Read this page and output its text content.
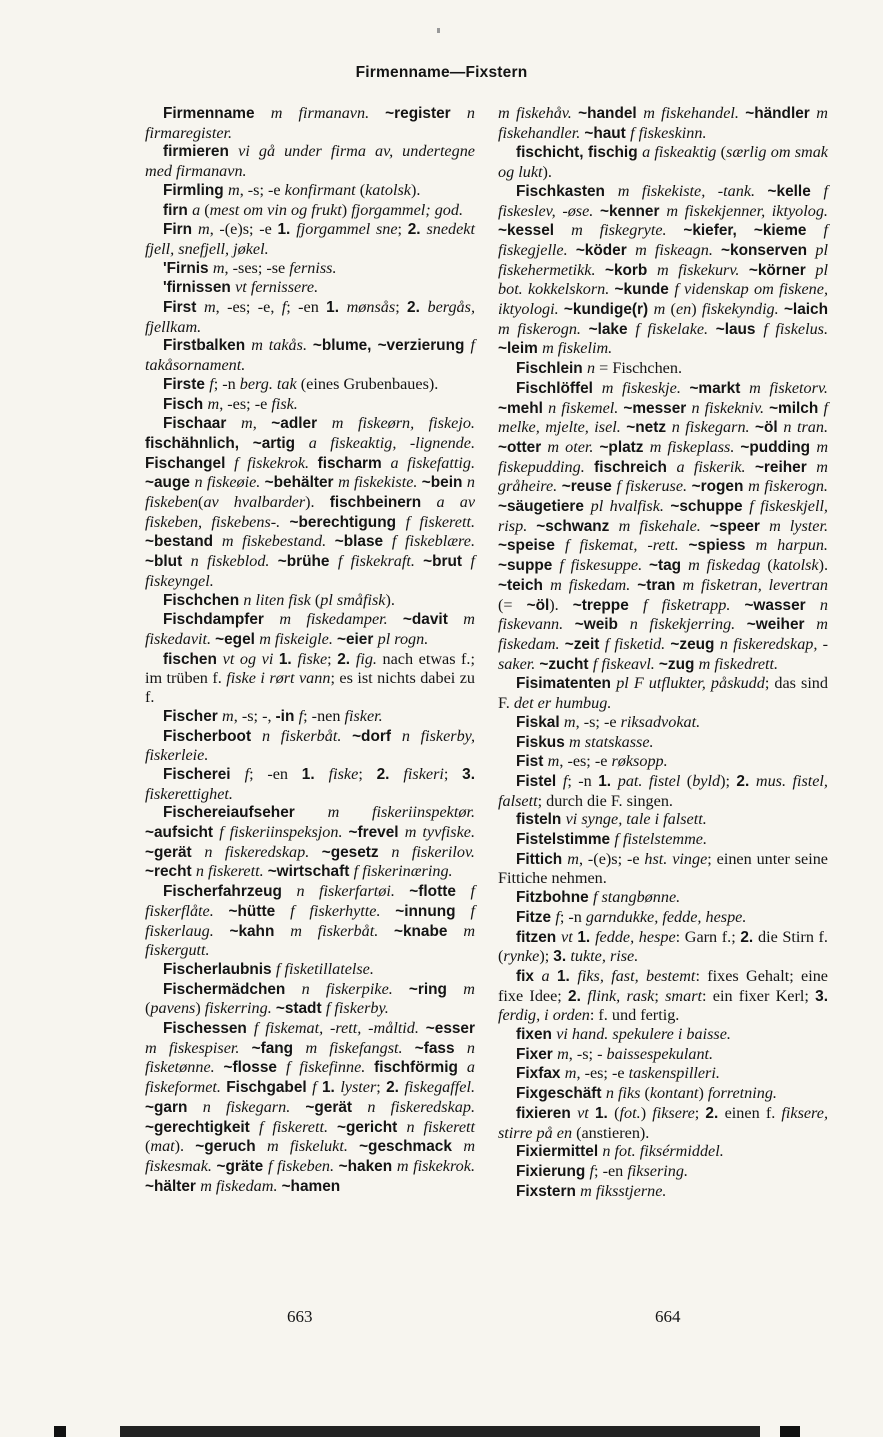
Firmenname—Fixstern

Firmenname m firmanavn. ~register n firmaregister.

firmieren vi gå under firma av, undertegne med firmanavn.

Firmling m, -s; -e konfirmant (katolsk).

firn a (mest om vin og frukt) fjorgammel; god.

Firn m, -(e)s; -e 1. fjorgammel sne; 2. snedekt fjell, snefjell, jøkel.

'Firnis m, -ses; -se ferniss.

'firnissen vt fernissere.

First m, -es; -e, f; -en 1. mønsås; 2. bergås, fjellkam.

Firstbalken m takås. ~blume, ~verzierung f takåsornament.

Firste f; -n berg. tak (eines Grubenbaues).

Fisch m, -es; -e fisk.

Fischaar m, ~adler m fiskeørn, fiskejo. fischähnlich, ~artig a fiskeaktig, -lignende. Fischangel f fiskekrok. fischarm a fiskefattig. ~auge n fiskeøie. ~behälter m fiskekiste. ~bein n fiskeben(av hvalbarder). fischbeinern a av fiskeben, fiskebens-. ~berechtigung f fiskerett. ~bestand m fiskebestand. ~blase f fiskeblære. ~blut n fiskeblod. ~brühe f fiskekraft. ~brut f fiskeyngel.

Fischchen n liten fisk (pl småfisk).

Fischdampfer m fiskedamper. ~davit m fiskedavit. ~egel m fiskeigle. ~eier pl rogn.

fischen vt og vi 1. fiske; 2. fig. nach etwas f.; im trüben f. fiske i rørt vann; es ist nichts dabei zu f.

Fischer m, -s; -, -in f; -nen fisker.

Fischerboot n fiskerbåt. ~dorf n fiskerby, fiskerleie.

Fischerei f; -en 1. fiske; 2. fiskeri; 3. fiskerettighet.

Fischereiaufseher m fiskeriinspektør. ~aufsicht f fiskeriinspeksjon. ~frevel m tyvfiske. ~gerät n fiskeredskap. ~gesetz n fiskerilov. ~recht n fiskerett. ~wirtschaft f fiskerinæring.

Fischerfahrzeug n fiskerfartøi. ~flotte f fiskerflåte. ~hütte f fiskerhytte. ~innung f fiskerlaug. ~kahn m fiskerbåt. ~knabe m fiskergutt.

Fischerlaubnis f fisketillatelse.

Fischermädchen n fiskerpike. ~ring m (pavens) fiskerring. ~stadt f fiskerby.

Fischessen f fiskemat, -rett, -måltid. ~esser m fiskespiser. ~fang m fiskefangst. ~fass n fisketønne. ~flosse f fiskefinne. fischförmig a fiskeformet. Fischgabel f 1. lyster; 2. fiskegaffel. ~garn n fiskegarn. ~gerät n fiskeredskap. ~gerechtigkeit f fiskerett. ~gericht n fiskerett (mat). ~geruch m fiskelukt. ~geschmack m fiskesmak. ~gräte f fiskeben. ~haken m fiskekrok. ~hälter m fiskedam. ~hamen

m fiskehåv. ~handel m fiskehandel. ~händler m fiskehandler. ~haut f fiskeskinn.

fischicht, fischig a fiskeaktig (særlig om smak og lukt).

Fischkasten m fiskekiste, -tank. ~kelle f fiskeslev, -øse. ~kenner m fiskekjenner, iktyolog. ~kessel m fiskegryte. ~kiefer, ~kieme f fiskegjelle. ~köder m fiskeagn. ~konserven pl fiskehermetikk. ~korb m fiskekurv. ~körner pl bot. kokkelskorn. ~kunde f videnskap om fiskene, iktyologi. ~kundige(r) m (en) fiskekyndig. ~laich m fiskerogn. ~lake f fiskelake. ~laus f fiskelus. ~leim m fiskelim.

Fischlein n = Fischchen.

Fischlöffel m fiskeskje. ~markt m fisketorv. ~mehl n fiskemel. ~messer n fiskekniv. ~milch f melke, mjelte, isel. ~netz n fiskegarn. ~öl n tran. ~otter m oter. ~platz m fiskeplass. ~pudding m fiskepudding. fischreich a fiskerik. ~reiher m gråheire. ~reuse f fiskeruse. ~rogen m fiskerogn. ~säugetiere pl hvalfisk. ~schuppe f fiskeskjell, risp. ~schwanz m fiskehale. ~speer m lyster. ~speise f fiskemat, -rett. ~spiess m harpun. ~suppe f fiskesuppe. ~tag m fiskedag (katolsk). ~teich m fiskedam. ~tran m fisketran, levertran (= ~öl). ~treppe f fisketrapp. ~wasser n fiskevann. ~weib n fiskekjerring. ~weiher m fiskedam. ~zeit f fisketid. ~zeug n fiskeredskap, -saker. ~zucht f fiskeavl. ~zug m fiskedrett.

Fisimatenten pl F utflukter, påskudd; das sind F. det er humbug.

Fiskal m, -s; -e riksadvokat.

Fiskus m statskasse.

Fist m, -es; -e røksopp.

Fistel f; -n 1. pat. fistel (byld); 2. mus. fistel, falsett; durch die F. singen.

fisteln vi synge, tale i falsett.

Fistelstimme f fistelstemme.

Fittich m, -(e)s; -e hst. vinge; einen unter seine Fittiche nehmen.

Fitzbohne f stangbønne.

Fitze f; -n garndukke, fedde, hespe.

fitzen vt 1. fedde, hespe: Garn f.; 2. die Stirn f. (rynke); 3. tukte, rise.

fix a 1. fiks, fast, bestemt: fixes Gehalt; eine fixe Idee; 2. flink, rask; smart: ein fixer Kerl; 3. ferdig, i orden: f. und fertig.

fixen vi hand. spekulere i baisse.

Fixer m, -s; - baissespekulant.

Fixfax m, -es; -e taskenspilleri.

Fixgeschäft n fiks (kontant) forretning.

fixieren vt 1. (fot.) fiksere; 2. einen f. fiksere, stirre på en (anstieren).

Fixiermittel n fot. fiksérmiddel.

Fixierung f; -en fiksering.

Fixstern m fiksstjerne.

663	664
